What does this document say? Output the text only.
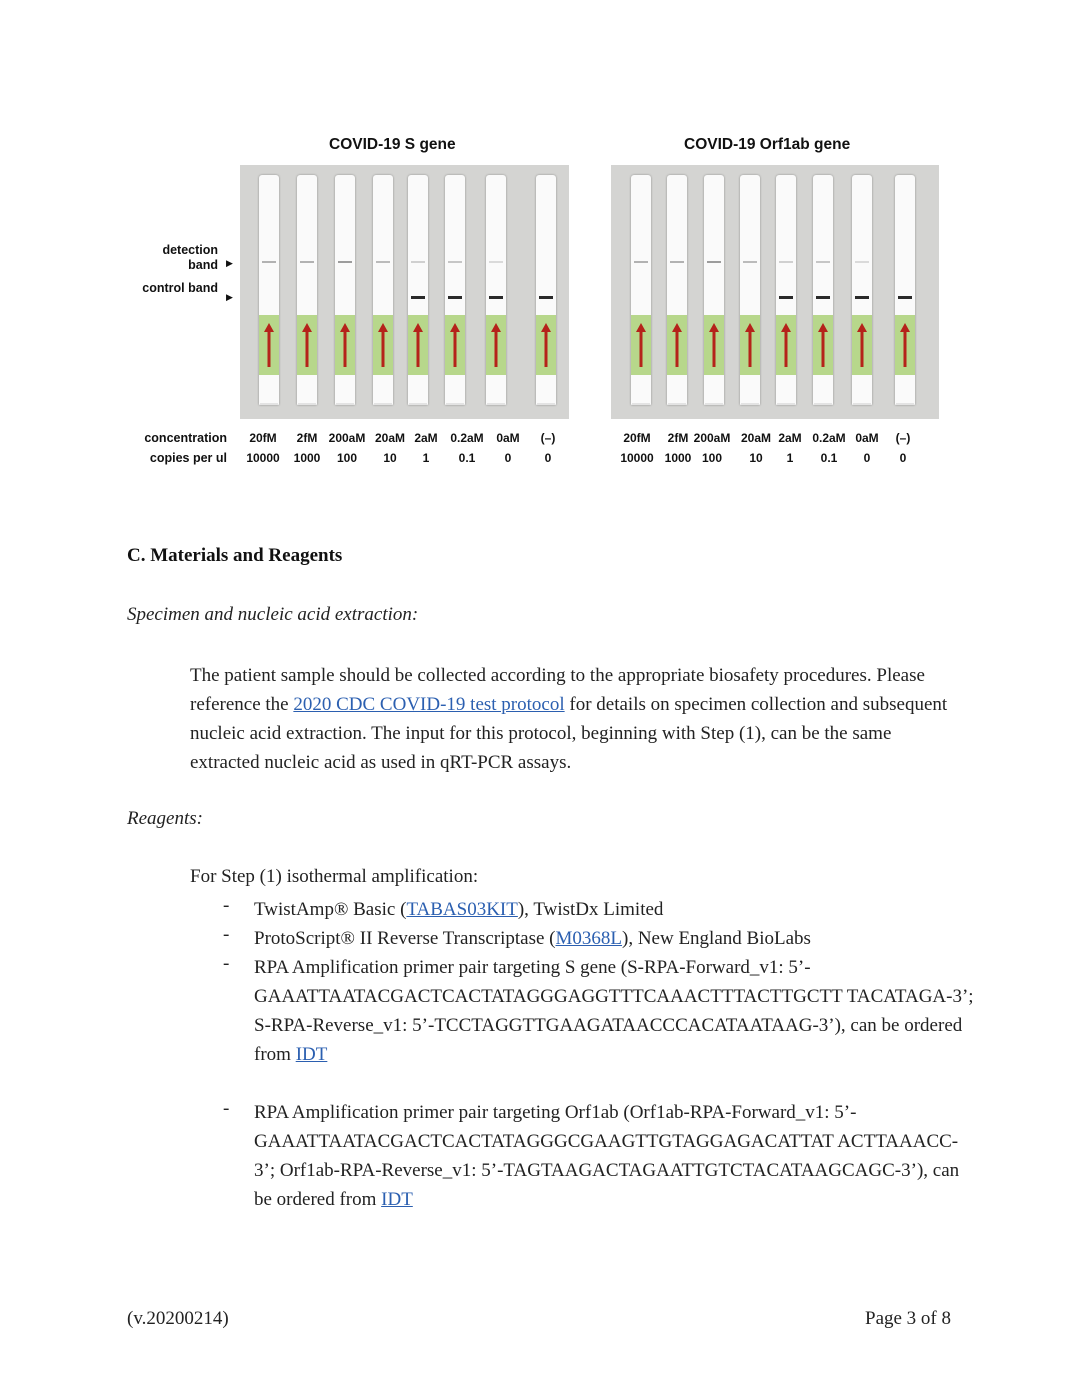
COVID-19 S gene	COVID-19 Orf1ab gene
detection band ▶
control band
▶
concentration
copies per ul
20fM
10000
2fM
1000
200aM
100
20aM
10
2aM
1
0.2aM
0.1
0aM
0
(–)
0
20fM
10000
2fM
1000
200aM
100
20aM
10
2aM
1
0.2aM
0.1
0aM
0
(–)
0
C. Materials and Reagents
Specimen and nucleic acid extraction:

The patient sample should be collected according to the appropriate biosafety procedures. Please reference the 2020 CDC COVID-19 test protocol for details on specimen collection and subsequent nucleic acid extraction. The input for this protocol, beginning with Step (1), can be the same extracted nucleic acid as used in qRT-PCR assays.

Reagents:
For Step (1) isothermal amplification:
- TwistAmp® Basic (TABAS03KIT), TwistDx Limited

- ProtoScript® II Reverse Transcriptase (M0368L), New England BioLabs

- RPA Amplification primer pair targeting S gene (S-RPA-Forward_v1: 5’-GAAATTAATACGACTCACTATAGGGAGGTTTCAAACTTTACTTGCTT TACATAGA-3’; S-RPA-Reverse_v1: 5’-TCCTAGGTTGAAGATAACCCACATAATAAG-3’), can be ordered from IDT

- RPA Amplification primer pair targeting Orf1ab (Orf1ab-RPA-Forward_v1: 5’-GAAATTAATACGACTCACTATAGGGCGAAGTTGTAGGAGACATTAT ACTTAAACC-3’; Orf1ab-RPA-Reverse_v1: 5’-TAGTAAGACTAGAATTGTCTACATAAGCAGC-3’), can be ordered from IDT

(v.20200214)	Page 3 of 8
